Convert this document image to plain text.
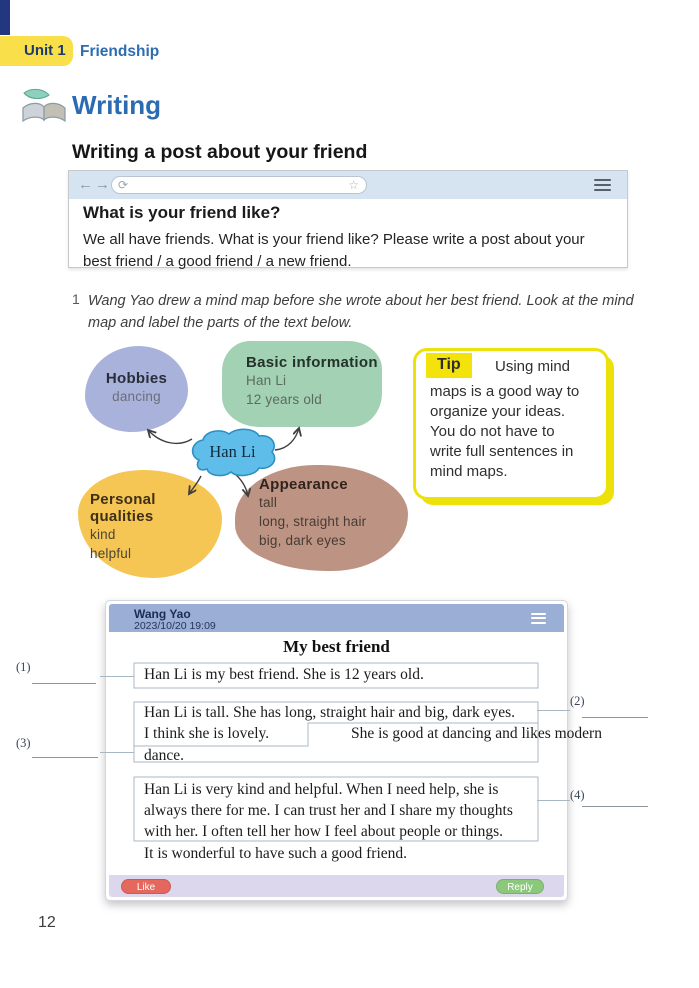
Unit 1 Friendship
Writing
Writing a post about your friend
← → ⟳	☆
What is your friend like?
We all have friends. What is your friend like? Please write a post about your
best friend / a good friend / a new friend.
1 Wang Yao drew a mind map before she wrote about her best friend. Look at the mind
map and label the parts of the text below.
Hobbies
dancing
Basic information
Han Li
12 years old
Personal qualities
kind
helpful
Appearance
tall
long, straight hair
big, dark eyes
Han Li
Tip	Using mind
maps is a good way to
organize your ideas.
You do not have to
write full sentences in
mind maps.
Wang Yao
2023/10/20 19:09
My best friend
Han Li is my best friend. She is 12 years old.
Han Li is tall. She has long, straight hair and big, dark eyes.
I think she is lovely.	She is good at dancing and likes modern
dance.
Han Li is very kind and helpful. When I need help, she is
always there for me. I can trust her and I share my thoughts
with her. I often tell her how I feel about people or things.
It is wonderful to have such a good friend.
Like	Reply
(1)
(2)
(3)
(4)
12
